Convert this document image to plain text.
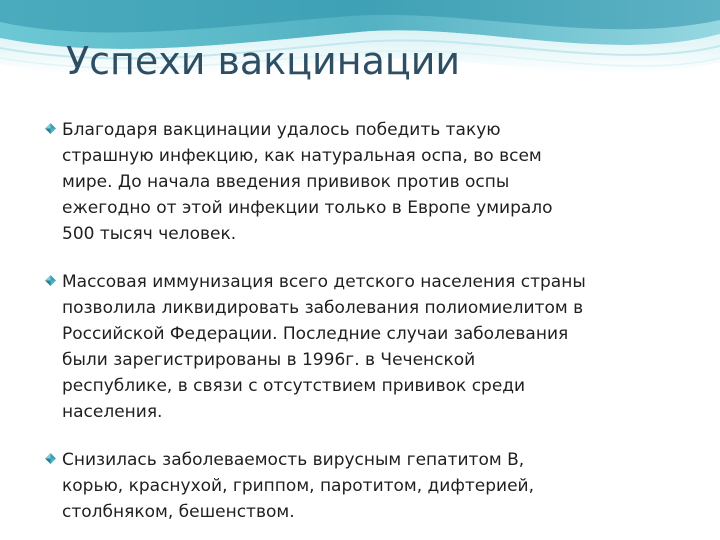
Успехи вакцинации
Благодаря вакцинации удалось победить такую
страшную инфекцию, как натуральная оспа, во всем
мире. До начала введения прививок против оспы
ежегодно от этой инфекции только в Европе умирало
500 тысяч человек.
Массовая иммунизация всего детского населения страны
позволила ликвидировать заболевания полиомиелитом в
Российской Федерации. Последние случаи заболевания
были зарегистрированы в 1996г. в Чеченской
республике, в связи с отсутствием прививок среди
населения.
Снизилась заболеваемость вирусным гепатитом В,
корью, краснухой, гриппом, паротитом, дифтерией,
столбняком, бешенством.
